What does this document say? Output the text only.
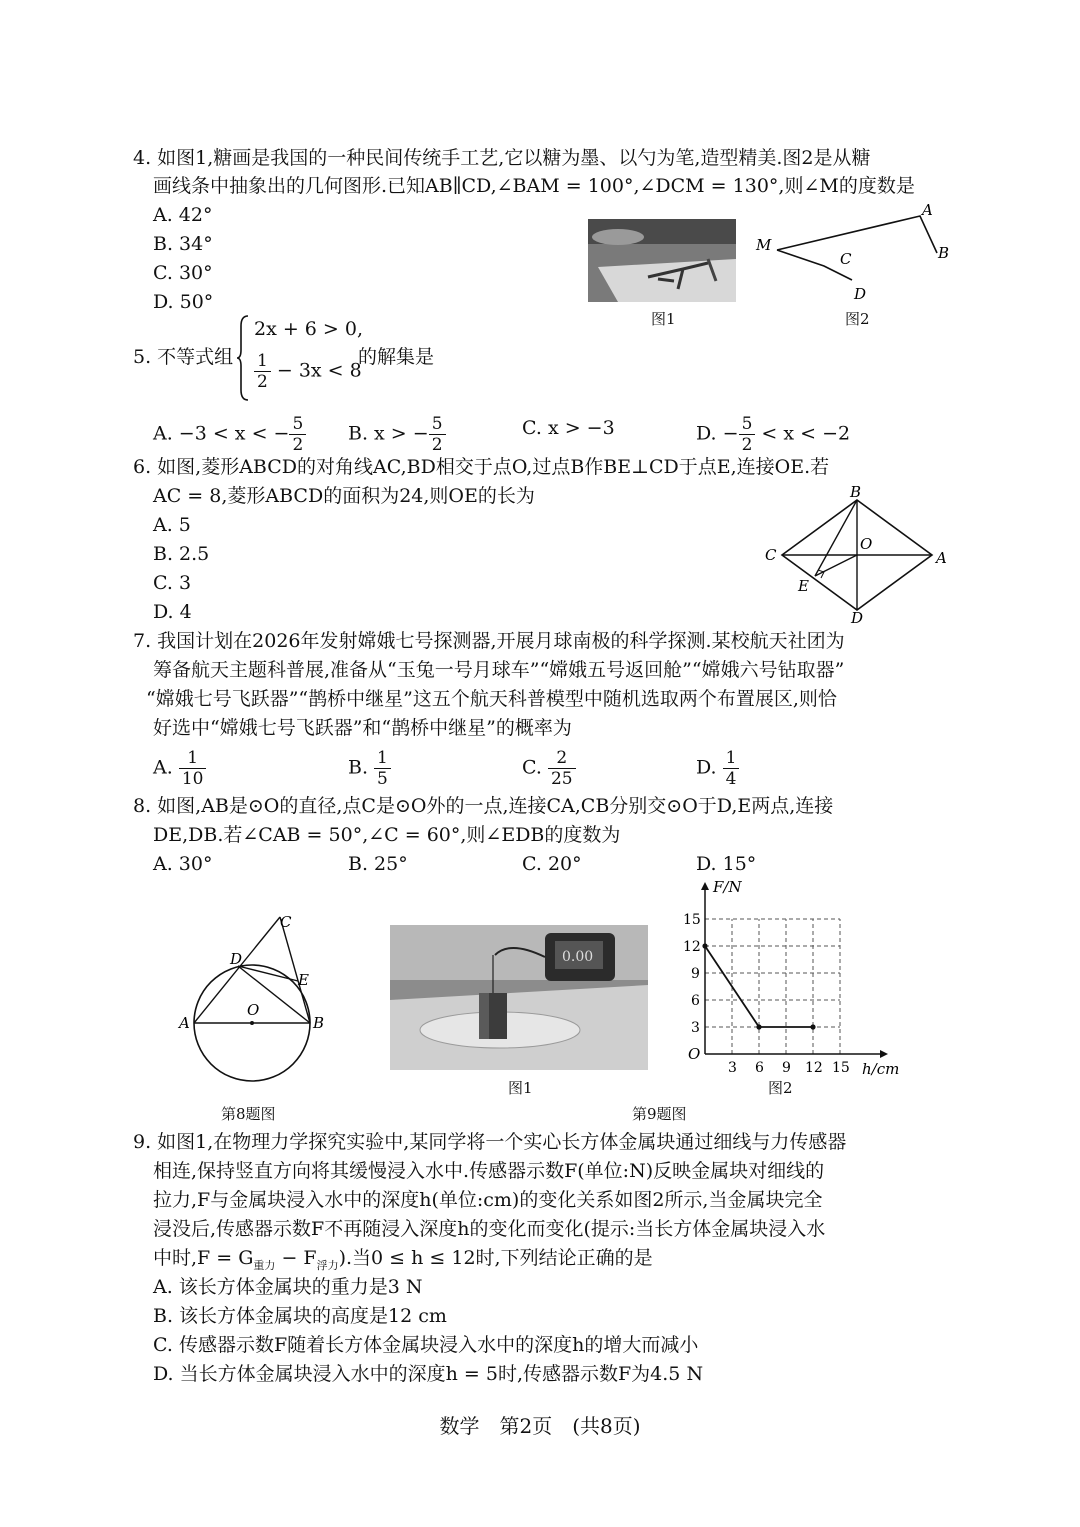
4. 如图1,糖画是我国的一种民间传统手工艺,它以糖为墨、以勺为笔,造型精美.图2是从糖
画线条中抽象出的几何图形.已知AB∥CD,∠BAM = 100°,∠DCM = 130°,则∠M的度数是
A. 42°
B. 34°
C. 30°
D. 50°
图1
M
A
B
C
D
图2
5. 不等式组
2x + 6 > 0,
$\frac{1}{2} - 3x < 8$
的解集是
A. −3 < x < − $\frac{5}{2} B$. x > − $\frac{5}{2}$	C. x > −3	D. − $\frac{5}{2} < x < -2$
6. 如图,菱形ABCD的对角线AC,BD相交于点O,过点B作BE⊥CD于点E,连接OE.若
AC = 8,菱形ABCD的面积为24,则OE的长为
A. 5
B. 2.5
C. 3
D. 4
B
O
C	A
E
D
7. 我国计划在2026年发射嫦娥七号探测器,开展月球南极的科学探测.某校航天社团为
筹备航天主题科普展,准备从“玉兔一号月球车”“嫦娥五号返回舱”“嫦娥六号钻取器”
“嫦娥七号飞跃器”“鹊桥中继星”这五个航天科普模型中随机选取两个布置展区,则恰
好选中“嫦娥七号飞跃器”和“鹊桥中继星”的概率为
A. $\frac{1}{10}$	B. $\frac{1}{5}$	C. $\frac{2}{25}$	D. $\frac{1}{4}$
8. 如图,AB是⊙O的直径,点C是⊙O外的一点,连接CA,CB分别交⊙O于D,E两点,连接
DE,DB.若∠CAB = 50°,∠C = 60°,则∠EDB的度数为
A. 30°	B. 25°	C. 20°	D. 15°
C
D
E
O
A	B
第8题图
0.00
图1
F/N
h/cm
O
3 6 9 12 15
3
6
9
12
15
图2
第9题图
9. 如图1,在物理力学探究实验中,某同学将一个实心长方体金属块通过细线与力传感器
相连,保持竖直方向将其缓慢浸入水中.传感器示数F(单位:N)反映金属块对细线的
拉力,F与金属块浸入水中的深度h(单位:cm)的变化关系如图2所示,当金属块完全
浸没后,传感器示数F不再随浸入深度h的变化而变化(提示:当长方体金属块浸入水
中时$,F = G_{重力} - F_{浮力}$).当0 ≤ h ≤ 12时,下列结论正确的是
A. 该长方体金属块的重力是3 N
B. 该长方体金属块的高度是12 cm
C. 传感器示数F随着长方体金属块浸入水中的深度h的增大而减小
D. 当长方体金属块浸入水中的深度h = 5时,传感器示数F为4.5 N
数学　第2页　(共8页)
